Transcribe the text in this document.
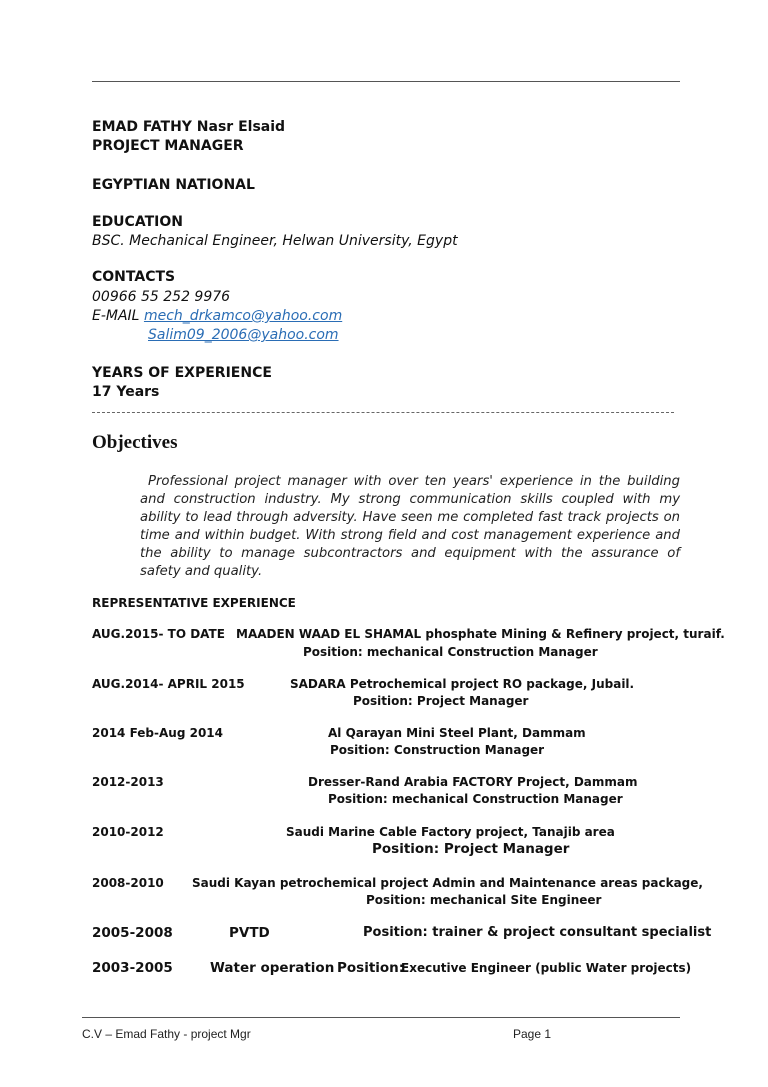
EMAD FATHY Nasr Elsaid
PROJECT MANAGER
EGYPTIAN NATIONAL
EDUCATION
BSC. Mechanical Engineer, Helwan University, Egypt
CONTACTS
00966 55 252 9976
E-MAIL mech_drkamco@yahoo.com
Salim09_2006@yahoo.com
YEARS OF EXPERIENCE
17 Years
Objectives
Professional project manager with over ten years' experience in the building and construction industry. My strong communication skills coupled with my ability to lead through adversity. Have seen me completed fast track projects on time and within budget. With strong field and cost management experience and the ability to manage subcontractors and equipment with the assurance of safety and quality.
REPRESENTATIVE EXPERIENCE
AUG.2015- TO DATE MAADEN WAAD EL SHAMAL phosphate Mining & Refinery project, turaif.
Position: mechanical Construction Manager
AUG.2014- APRIL 2015	SADARA Petrochemical project RO package, Jubail.
Position: Project Manager
2014 Feb-Aug 2014	Al Qarayan Mini Steel Plant, Dammam
Position: Construction Manager
2012-2013	Dresser-Rand Arabia FACTORY Project, Dammam
Position: mechanical Construction Manager
2010-2012	Saudi Marine Cable Factory project, Tanajib area
Position: Project Manager
2008-2010 Saudi Kayan petrochemical project Admin and Maintenance areas package,
Position: mechanical Site Engineer
2005-2008	PVTD	Position: trainer & project consultant specialist
2003-2005	Water operation Position:
Executive Engineer (public Water projects)
C.V – Emad Fathy - project Mgr	Page 1
